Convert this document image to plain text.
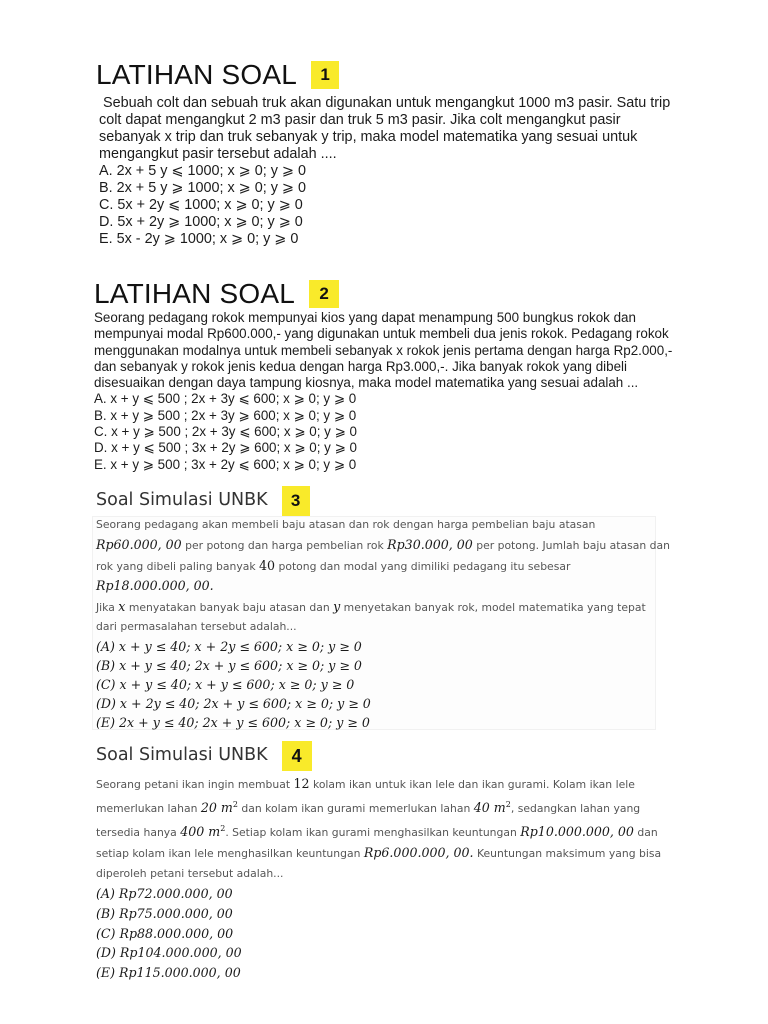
LATIHAN SOAL	1
Sebuah colt dan sebuah truk akan digunakan untuk mengangkut 1000 m3 pasir. Satu trip
colt dapat mengangkut 2 m3 pasir dan truk 5 m3 pasir. Jika colt mengangkut pasir
sebanyak x trip dan truk sebanyak y trip, maka model matematika yang sesuai untuk
mengangkut pasir tersebut adalah ....
A. 2x + 5 y ⩽ 1000; x ⩾ 0; y ⩾ 0
B. 2x + 5 y ⩾ 1000; x ⩾ 0; y ⩾ 0
C. 5x + 2y ⩽ 1000; x ⩾ 0; y ⩾ 0
D. 5x + 2y ⩾ 1000; x ⩾ 0; y ⩾ 0
E. 5x - 2y ⩾ 1000; x ⩾ 0; y ⩾ 0
LATIHAN SOAL	2
Seorang pedagang rokok mempunyai kios yang dapat menampung 500 bungkus rokok dan
mempunyai modal Rp600.000,- yang digunakan untuk membeli dua jenis rokok. Pedagang rokok
menggunakan modalnya untuk membeli sebanyak x rokok jenis pertama dengan harga Rp2.000,-
dan sebanyak y rokok jenis kedua dengan harga Rp3.000,-. Jika banyak rokok yang dibeli
disesuaikan dengan daya tampung kiosnya, maka model matematika yang sesuai adalah ...
A. x + y ⩽ 500 ; 2x + 3y ⩽ 600; x ⩾ 0; y ⩾ 0
B. x + y ⩾ 500 ; 2x + 3y ⩾ 600; x ⩾ 0; y ⩾ 0
C. x + y ⩾ 500 ; 2x + 3y ⩽ 600; x ⩾ 0; y ⩾ 0
D. x + y ⩽ 500 ; 3x + 2y ⩾ 600; x ⩾ 0; y ⩾ 0
E. x + y ⩾ 500 ; 3x + 2y ⩽ 600; x ⩾ 0; y ⩾ 0
Soal Simulasi UNBK	3
Seorang pedagang akan membeli baju atasan dan rok dengan harga pembelian baju atasan
Rp60.000, 00 per potong dan harga pembelian rok Rp30.000, 00 per potong. Jumlah baju atasan dan
rok yang dibeli paling banyak 40 potong dan modal yang dimiliki pedagang itu sebesar
Rp18.000.000, 00.
Jika x menyatakan banyak baju atasan dan y menyetakan banyak rok, model matematika yang tepat
dari permasalahan tersebut adalah...
(A) x + y ≤ 40; x + 2y ≤ 600; x ≥ 0; y ≥ 0
(B) x + y ≤ 40; 2x + y ≤ 600; x ≥ 0; y ≥ 0
(C) x + y ≤ 40; x + y ≤ 600; x ≥ 0; y ≥ 0
(D) x + 2y ≤ 40; 2x + y ≤ 600; x ≥ 0; y ≥ 0
(E) 2x + y ≤ 40; 2x + y ≤ 600; x ≥ 0; y ≥ 0
Soal Simulasi UNBK	4
Seorang petani ikan ingin membuat 12 kolam ikan untuk ikan lele dan ikan gurami. Kolam ikan lele
memerlukan lahan 20 $m^2$ dan kolam ikan gurami memerlukan lahan 40 $m^2$, sedangkan lahan yang
tersedia hanya 400 $m^2$. Setiap kolam ikan gurami menghasilkan keuntungan Rp10.000.000, 00 dan
setiap kolam ikan lele menghasilkan keuntungan Rp6.000.000, 00. Keuntungan maksimum yang bisa
diperoleh petani tersebut adalah...
(A) Rp72.000.000, 00
(B) Rp75.000.000, 00
(C) Rp88.000.000, 00
(D) Rp104.000.000, 00
(E) Rp115.000.000, 00
